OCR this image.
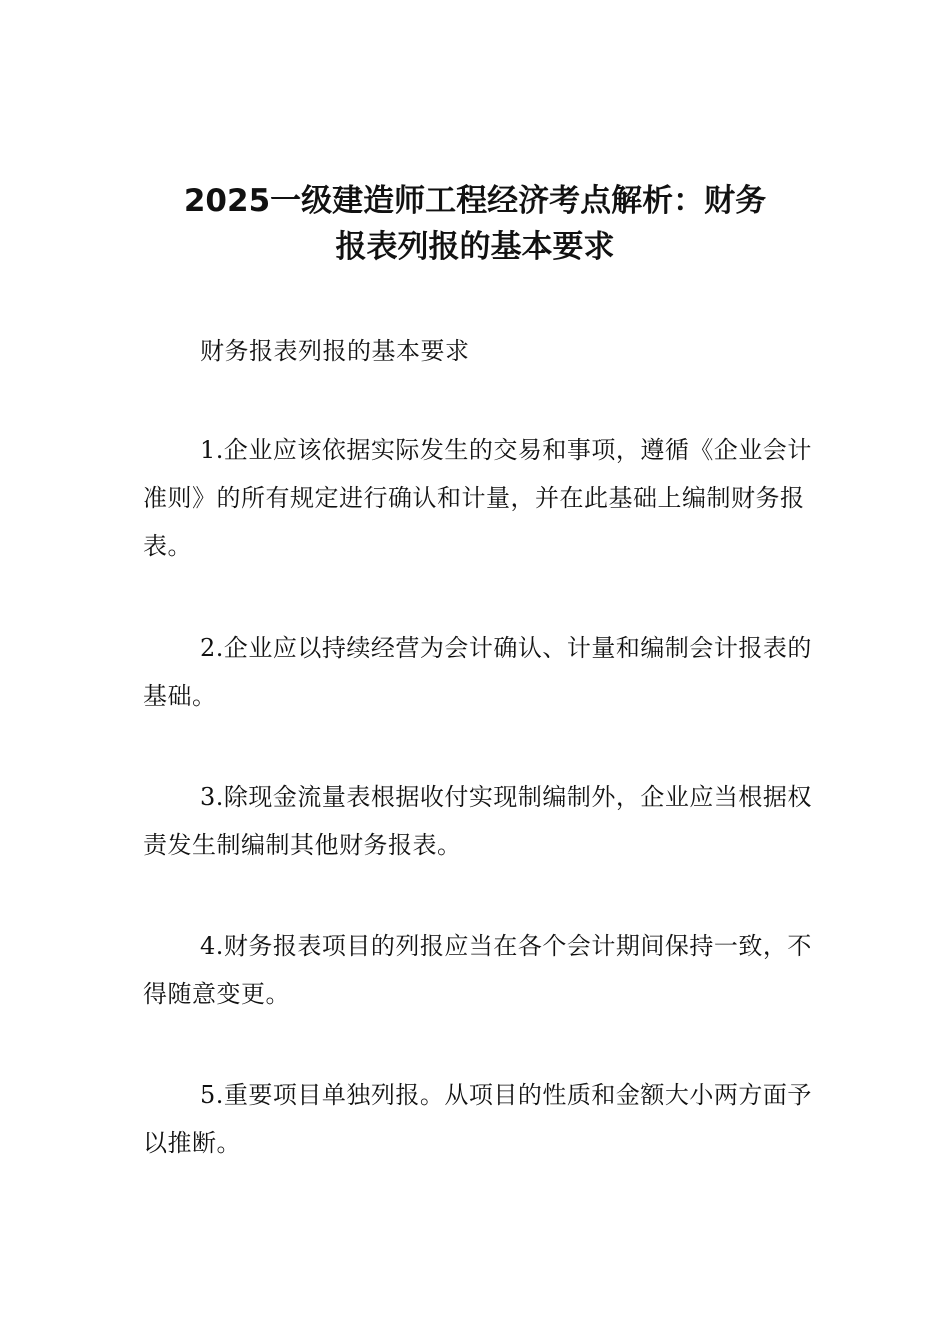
2025一级建造师工程经济考点解析：财务
报表列报的基本要求

财务报表列报的基本要求

1.企业应该依据实际发生的交易和事项，遵循《企业会计准则》的所有规定进行确认和计量，并在此基础上编制财务报表。

2.企业应以持续经营为会计确认、计量和编制会计报表的基础。

3.除现金流量表根据收付实现制编制外，企业应当根据权责发生制编制其他财务报表。

4.财务报表项目的列报应当在各个会计期间保持一致，不得随意变更。

5.重要项目单独列报。从项目的性质和金额大小两方面予以推断。
